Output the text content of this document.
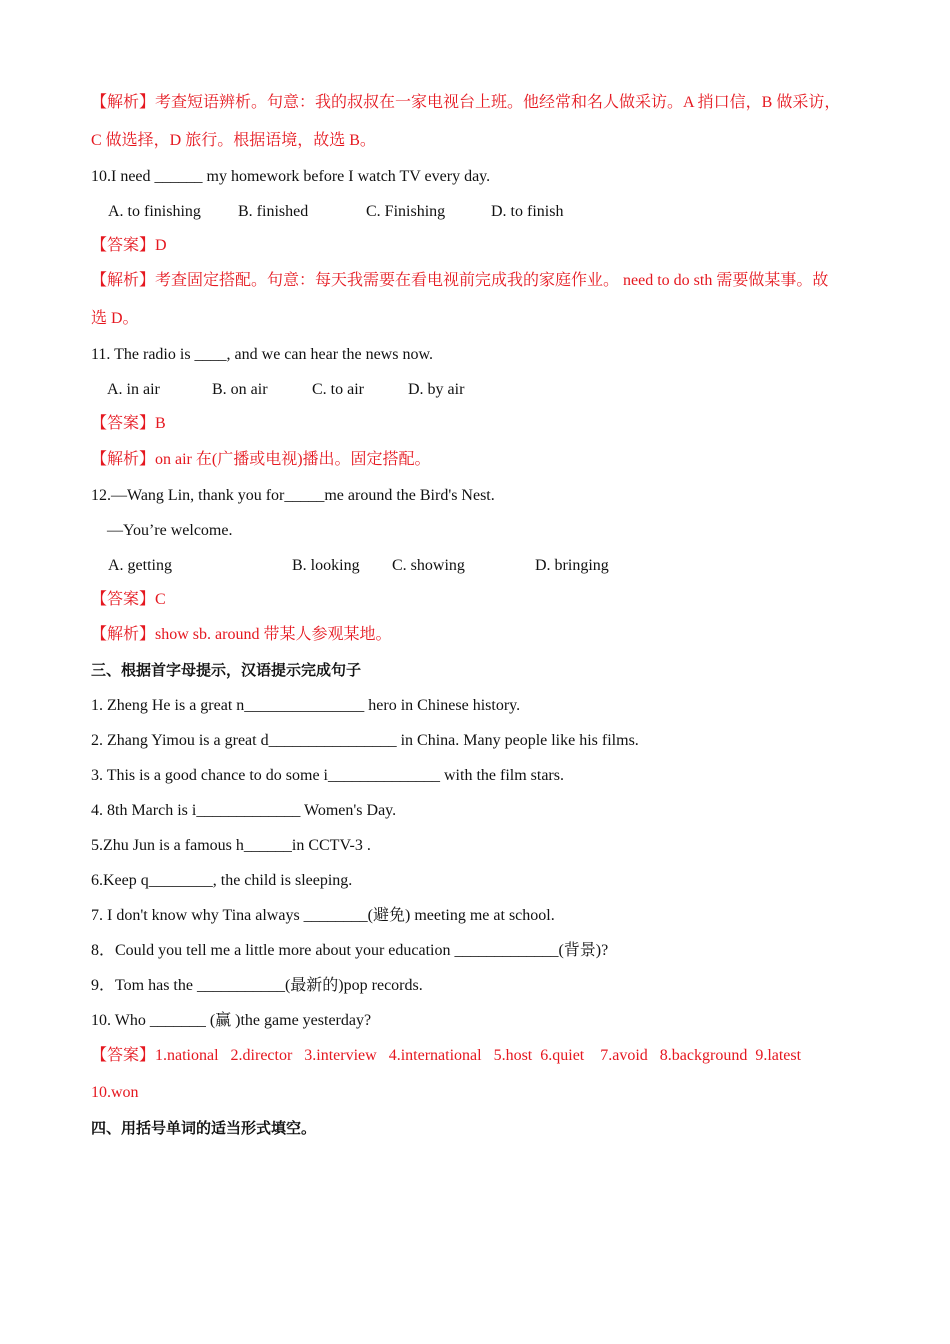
【解析】考查短语辨析。句意：我的叔叔在一家电视台上班。他经常和名人做采访。A 捎口信，B 做采访，
C 做选择，D 旅行。根据语境，故选 B。
10.I need ______ my homework before I watch TV every day.
A. to finishing B. finished	C. Finishing	D. to finish
【答案】D
【解析】考查固定搭配。句意：每天我需要在看电视前完成我的家庭作业。 need to do sth 需要做某事。故
选 D。
11. The radio is ____, and we can hear the news now.
A. in air	B. on air	C. to air	D. by air
【答案】B
【解析】on air 在(广播或电视)播出。固定搭配。
12.—Wang Lin, thank you for_____me around the Bird's Nest.
—You’re welcome.
A. getting	B. looking C. showing	D. bringing
【答案】C
【解析】show sb. around 带某人参观某地。
三、根据首字母提示，汉语提示完成句子
1. Zheng He is a great n_______________ hero in Chinese history.
2. Zhang Yimou is a great d________________ in China. Many people like his films.
3. This is a good chance to do some i______________ with the film stars.
4. 8th March is i_____________ Women's Day.
5.Zhu Jun is a famous h______in CCTV-3 .
6.Keep q________, the child is sleeping.
7. I don't know why Tina always ________(避免) meeting me at school.
8．Could you tell me a little more about your education _____________(背景)?
9．Tom has the ___________(最新的)pop records.
10. Who _______ (赢 )the game yesterday?
【答案】1.national   2.director   3.interview   4.international   5.host  6.quiet    7.avoid   8.background  9.latest
10.won
四、用括号单词的适当形式填空。
